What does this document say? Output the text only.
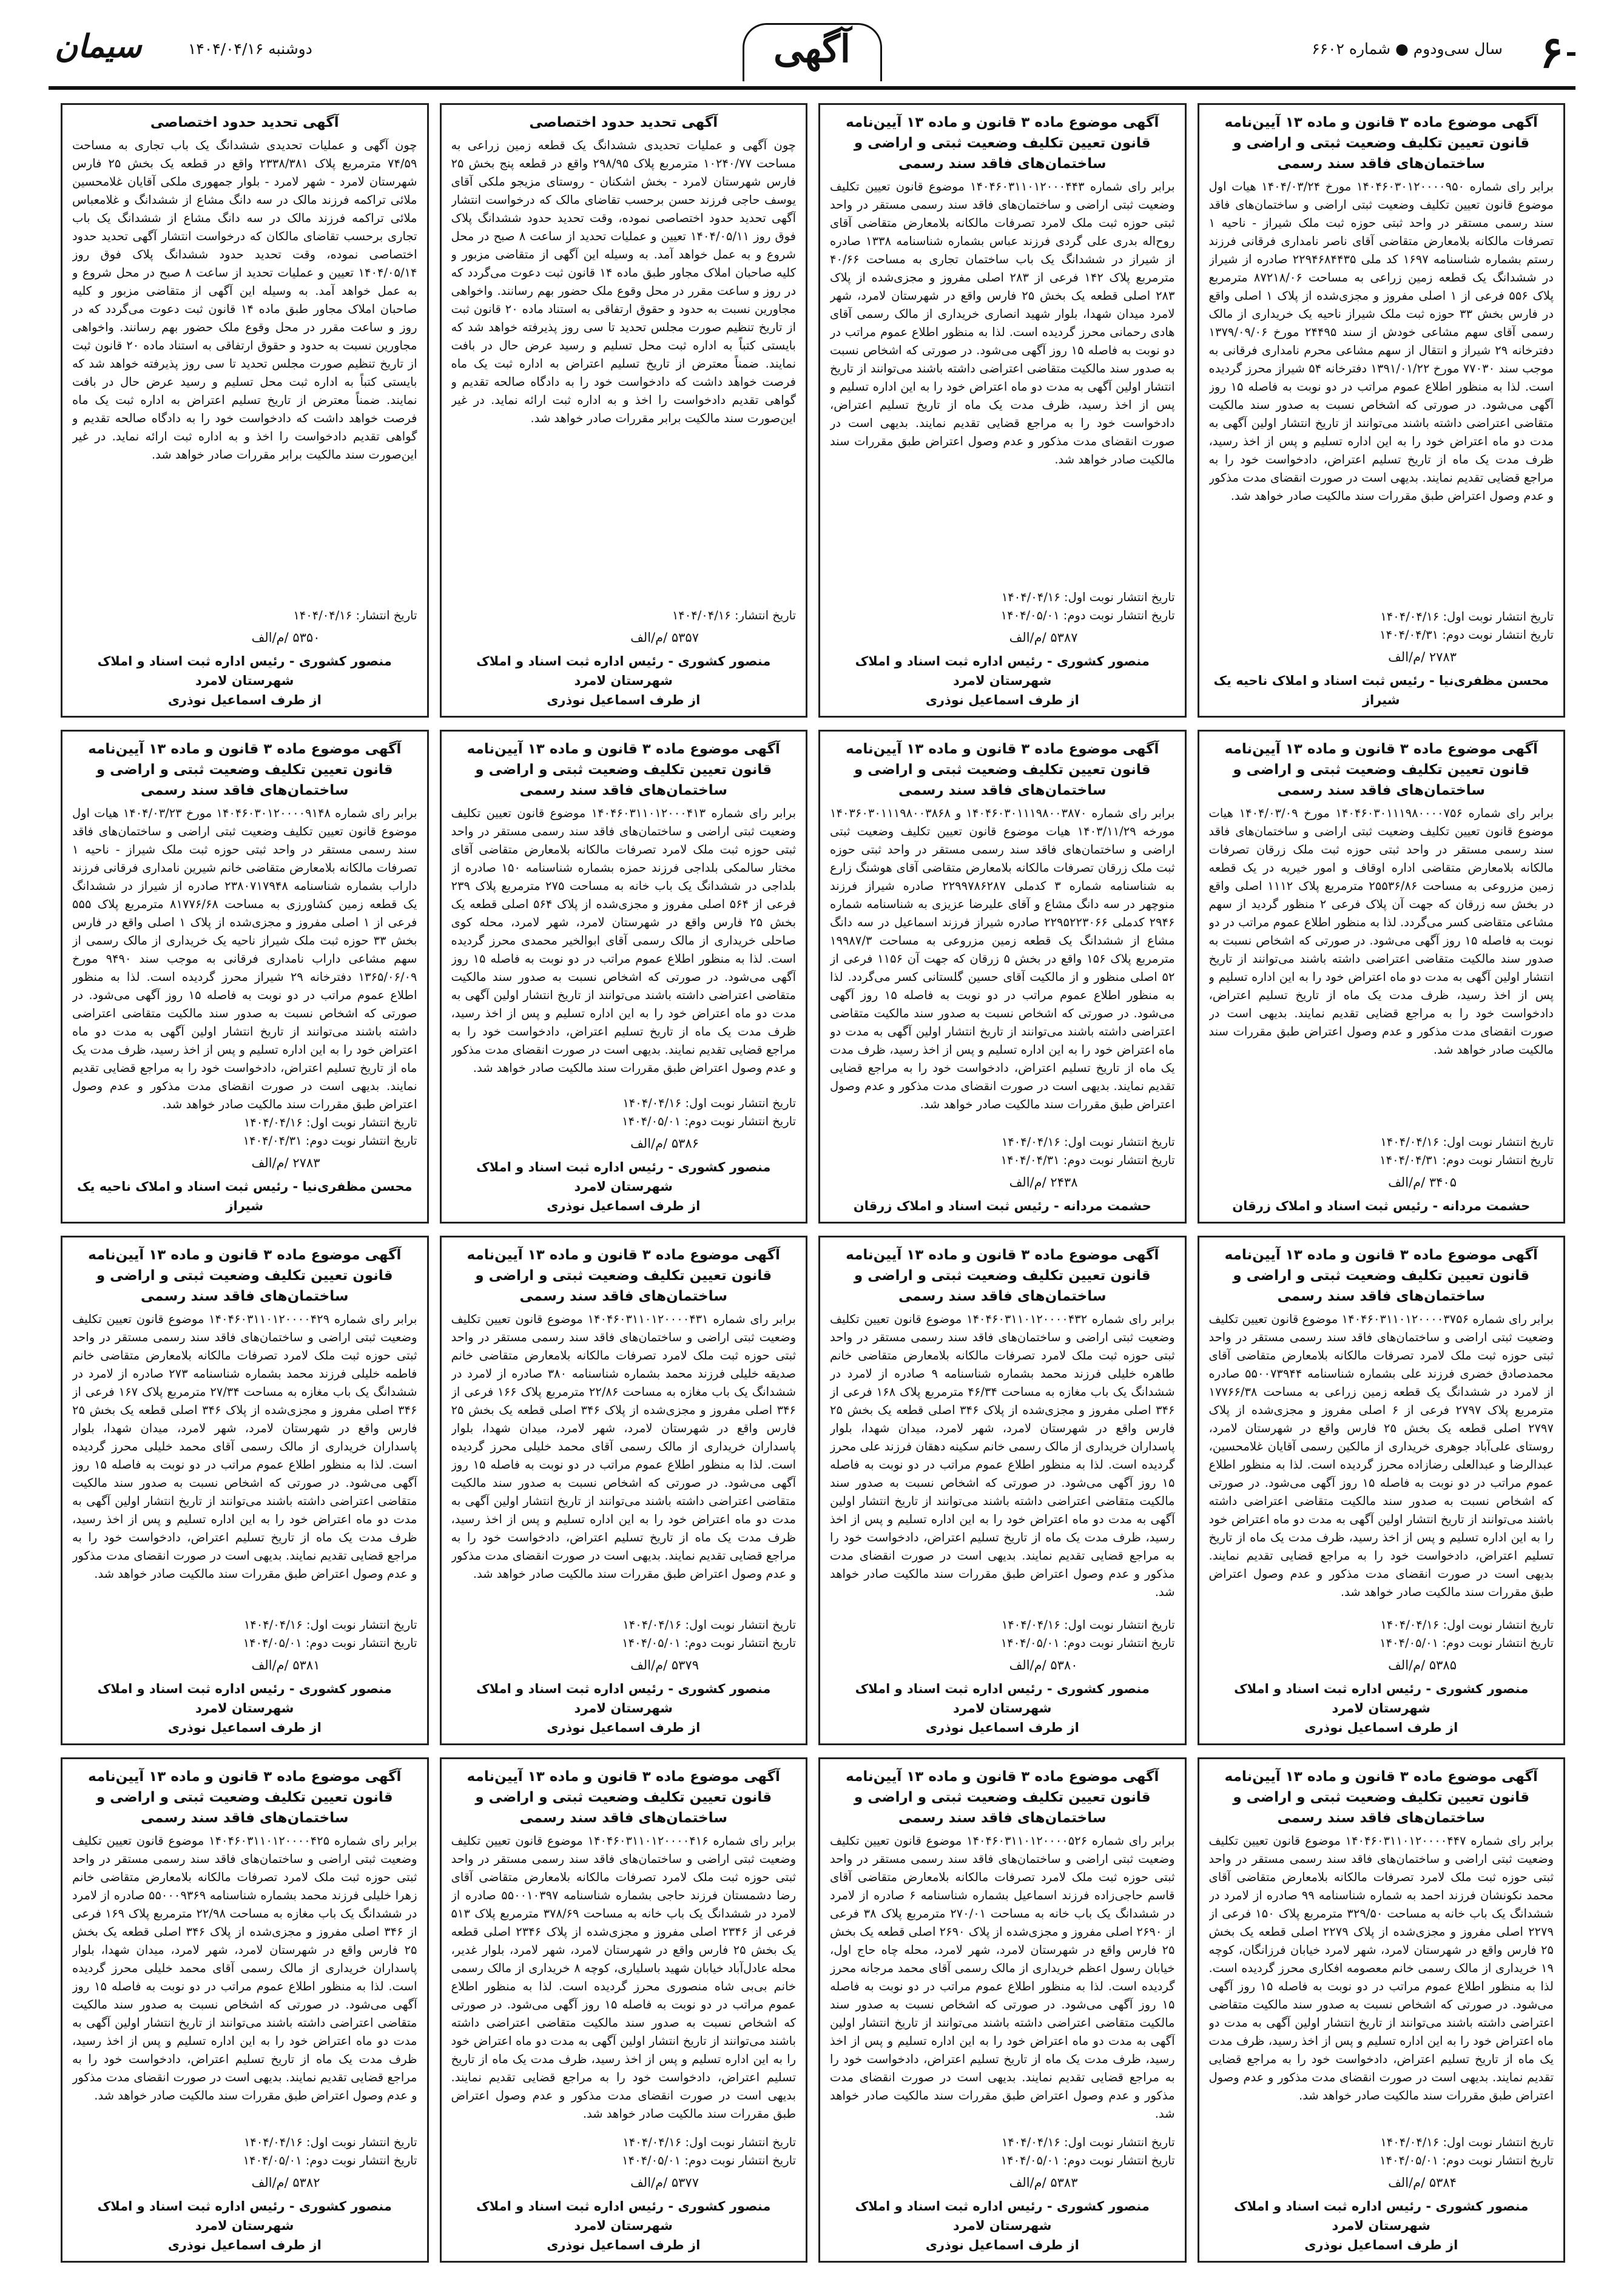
۶
سال سی‌ودوم ● شماره ۶۶۰۲
آگهی
دوشنبه ۱۴۰۴/۰۴/۱۶
سیمان
آگهی موضوع ماده ۳ قانون و ماده ۱۳ آیین‌نامه قانون تعیین تکلیف وضعیت ثبتی و اراضی و ساختمان‌های فاقد سند رسمی
برابر رای شماره ۱۴۰۴۶۰۳۰۱۲۰۰۰۰۹۵۰ مورخ ۱۴۰۴/۰۳/۲۴ هیات اول موضوع قانون تعیین تکلیف وضعیت ثبتی اراضی و ساختمان‌های فاقد سند رسمی مستقر در واحد ثبتی حوزه ثبت ملک شیراز - ناحیه ۱ تصرفات مالکانه بلامعارض متقاضی آقای ناصر نامداری فرقانی فرزند رستم بشماره شناسنامه ۱۶۹۷ کد ملی ۲۲۹۴۶۸۴۴۳۵ صادره از شیراز در ششدانگ یک قطعه زمین زراعی به مساحت ۸۷۲۱۸/۰۶ مترمربع پلاک ۵۵۶ فرعی از ۱ اصلی مفروز و مجزی‌شده از پلاک ۱ اصلی واقع در فارس بخش ۳۳ حوزه ثبت ملک شیراز ناحیه یک خریداری از مالک رسمی آقای سهم مشاعی خودش از سند ۲۴۴۹۵ مورخ ۱۳۷۹/۰۹/۰۶ دفترخانه ۲۹ شیراز و انتقال از سهم مشاعی محرم نامداری فرقانی به موجب سند ۷۷۰۳۰ مورخ ۱۳۹۱/۰۱/۲۲ دفترخانه ۵۴ شیراز محرز گردیده است. لذا به منظور اطلاع عموم مراتب در دو نوبت به فاصله ۱۵ روز آگهی می‌شود. در صورتی که اشخاص نسبت به صدور سند مالکیت متقاضی اعتراضی داشته باشند می‌توانند از تاریخ انتشار اولین آگهی به مدت دو ماه اعتراض خود را به این اداره تسلیم و پس از اخذ رسید، ظرف مدت یک ماه از تاریخ تسلیم اعتراض، دادخواست خود را به مراجع قضایی تقدیم نمایند. بدیهی است در صورت انقضای مدت مذکور و عدم وصول اعتراض طبق مقررات سند مالکیت صادر خواهد شد.
تاریخ انتشار نوبت اول: ۱۴۰۴/۰۴/۱۶
تاریخ انتشار نوبت دوم: ۱۴۰۴/۰۴/۳۱
۲۷۸۳ /م/الف
محسن مظفری‌نیا - رئیس ثبت اسناد و املاک ناحیه یک شیراز
آگهی موضوع ماده ۳ قانون و ماده ۱۳ آیین‌نامه قانون تعیین تکلیف وضعیت ثبتی و اراضی و ساختمان‌های فاقد سند رسمی
برابر رای شماره ۱۴۰۴۶۰۳۱۱۰۱۲۰۰۰۴۴۳ موضوع قانون تعیین تکلیف وضعیت ثبتی اراضی و ساختمان‌های فاقد سند رسمی مستقر در واحد ثبتی حوزه ثبت ملک لامرد تصرفات مالکانه بلامعارض متقاضی آقای روح‌اله بدری علی گردی فرزند عباس بشماره شناسنامه ۱۳۳۸ صادره از شیراز در ششدانگ یک باب ساختمان تجاری به مساحت ۴۰/۶۶ مترمربع پلاک ۱۴۲ فرعی از ۲۸۳ اصلی مفروز و مجزی‌شده از پلاک ۲۸۳ اصلی قطعه یک بخش ۲۵ فارس واقع در شهرستان لامرد، شهر لامرد میدان شهدا، بلوار شهید انصاری خریداری از مالک رسمی آقای هادی رحمانی محرز گردیده است. لذا به منظور اطلاع عموم مراتب در دو نوبت به فاصله ۱۵ روز آگهی می‌شود. در صورتی که اشخاص نسبت به صدور سند مالکیت متقاضی اعتراضی داشته باشند می‌توانند از تاریخ انتشار اولین آگهی به مدت دو ماه اعتراض خود را به این اداره تسلیم و پس از اخذ رسید، ظرف مدت یک ماه از تاریخ تسلیم اعتراض، دادخواست خود را به مراجع قضایی تقدیم نمایند. بدیهی است در صورت انقضای مدت مذکور و عدم وصول اعتراض طبق مقررات سند مالکیت صادر خواهد شد.
تاریخ انتشار نوبت اول: ۱۴۰۴/۰۴/۱۶
تاریخ انتشار نوبت دوم: ۱۴۰۴/۰۵/۰۱
۵۳۸۷ /م/الف
منصور کشوری - رئیس اداره ثبت اسناد و املاک شهرستان لامرد
از طرف اسماعیل نوذری
آگهی تحدید حدود اختصاصی
چون آگهی و عملیات تحدیدی ششدانگ یک قطعه زمین زراعی به مساحت ۱۰۲۴۰/۷۷ مترمربع پلاک ۲۹۸/۹۵ واقع در قطعه پنج بخش ۲۵ فارس شهرستان لامرد - بخش اشکنان - روستای مزیجو ملکی آقای یوسف حاجی فرزند حسن برحسب تقاضای مالک که درخواست انتشار آگهی تحدید حدود اختصاصی نموده، وقت تحدید حدود ششدانگ پلاک فوق روز ۱۴۰۴/۰۵/۱۱ تعیین و عملیات تحدید از ساعت ۸ صبح در محل شروع و به عمل خواهد آمد. به وسیله این آگهی از متقاضی مزبور و کلیه صاحبان املاک مجاور طبق ماده ۱۴ قانون ثبت دعوت می‌گردد که در روز و ساعت مقرر در محل وقوع ملک حضور بهم رسانند. واخواهی مجاورین نسبت به حدود و حقوق ارتفاقی به استناد ماده ۲۰ قانون ثبت از تاریخ تنظیم صورت مجلس تحدید تا سی روز پذیرفته خواهد شد که بایستی کتباً به اداره ثبت محل تسلیم و رسید عرض حال در بافت نمایند. ضمناً معترض از تاریخ تسلیم اعتراض به اداره ثبت یک ماه فرصت خواهد داشت که دادخواست خود را به دادگاه صالحه تقدیم و گواهی تقدیم دادخواست را اخذ و به اداره ثبت ارائه نماید. در غیر این‌صورت سند مالکیت برابر مقررات صادر خواهد شد.
تاریخ انتشار: ۱۴۰۴/۰۴/۱۶
۵۳۵۷ /م/الف
منصور کشوری - رئیس اداره ثبت اسناد و املاک شهرستان لامرد
از طرف اسماعیل نوذری
آگهی تحدید حدود اختصاصی
چون آگهی و عملیات تحدیدی ششدانگ یک باب تجاری به مساحت ۷۴/۵۹ مترمربع پلاک ۲۳۳۸/۳۸۱ واقع در قطعه یک بخش ۲۵ فارس شهرستان لامرد - شهر لامرد - بلوار جمهوری ملکی آقایان غلامحسین ملائی تراکمه فرزند مالک در سه دانگ مشاع از ششدانگ و غلامعباس ملائی تراکمه فرزند مالک در سه دانگ مشاع از ششدانگ یک باب تجاری برحسب تقاضای مالکان که درخواست انتشار آگهی تحدید حدود اختصاصی نموده، وقت تحدید حدود ششدانگ پلاک فوق روز ۱۴۰۴/۰۵/۱۴ تعیین و عملیات تحدید از ساعت ۸ صبح در محل شروع و به عمل خواهد آمد. به وسیله این آگهی از متقاضی مزبور و کلیه صاحبان املاک مجاور طبق ماده ۱۴ قانون ثبت دعوت می‌گردد که در روز و ساعت مقرر در محل وقوع ملک حضور بهم رسانند. واخواهی مجاورین نسبت به حدود و حقوق ارتفاقی به استناد ماده ۲۰ قانون ثبت از تاریخ تنظیم صورت مجلس تحدید تا سی روز پذیرفته خواهد شد که بایستی کتباً به اداره ثبت محل تسلیم و رسید عرض حال در بافت نمایند. ضمناً معترض از تاریخ تسلیم اعتراض به اداره ثبت یک ماه فرصت خواهد داشت که دادخواست خود را به دادگاه صالحه تقدیم و گواهی تقدیم دادخواست را اخذ و به اداره ثبت ارائه نماید. در غیر این‌صورت سند مالکیت برابر مقررات صادر خواهد شد.
تاریخ انتشار: ۱۴۰۴/۰۴/۱۶
۵۳۵۰ /م/الف
منصور کشوری - رئیس اداره ثبت اسناد و املاک شهرستان لامرد
از طرف اسماعیل نوذری
آگهی موضوع ماده ۳ قانون و ماده ۱۳ آیین‌نامه قانون تعیین تکلیف وضعیت ثبتی و اراضی و ساختمان‌های فاقد سند رسمی
برابر رای شماره ۱۴۰۴۶۰۳۰۱۱۱۹۸۰۰۰۰۷۵۶ مورخ ۱۴۰۴/۰۳/۰۹ هیات موضوع قانون تعیین تکلیف وضعیت ثبتی اراضی و ساختمان‌های فاقد سند رسمی مستقر در واحد ثبتی حوزه ثبت ملک زرقان تصرفات مالکانه بلامعارض متقاضی اداره اوقاف و امور خیریه در یک قطعه زمین مزروعی به مساحت ۲۵۵۳۶/۸۶ مترمربع پلاک ۱۱۱۲ اصلی واقع در بخش سه زرقان که جهت آن پلاک فرعی ۲ منظور گردید از سهم مشاعی متقاضی کسر می‌گردد. لذا به منظور اطلاع عموم مراتب در دو نوبت به فاصله ۱۵ روز آگهی می‌شود. در صورتی که اشخاص نسبت به صدور سند مالکیت متقاضی اعتراضی داشته باشند می‌توانند از تاریخ انتشار اولین آگهی به مدت دو ماه اعتراض خود را به این اداره تسلیم و پس از اخذ رسید، ظرف مدت یک ماه از تاریخ تسلیم اعتراض، دادخواست خود را به مراجع قضایی تقدیم نمایند. بدیهی است در صورت انقضای مدت مذکور و عدم وصول اعتراض طبق مقررات سند مالکیت صادر خواهد شد.
تاریخ انتشار نوبت اول: ۱۴۰۴/۰۴/۱۶
تاریخ انتشار نوبت دوم: ۱۴۰۴/۰۴/۳۱
۳۴۰۵ /م/الف
حشمت مردانه - رئیس ثبت اسناد و املاک زرقان
آگهی موضوع ماده ۳ قانون و ماده ۱۳ آیین‌نامه قانون تعیین تکلیف وضعیت ثبتی و اراضی و ساختمان‌های فاقد سند رسمی
برابر رای شماره ۱۴۰۴۶۰۳۰۱۱۱۹۸۰۰۳۸۷۰ و ۱۴۰۳۶۰۳۰۱۱۱۹۸۰۰۳۸۶۸ مورخه ۱۴۰۳/۱۱/۲۹ هیات موضوع قانون تعیین تکلیف وضعیت ثبتی اراضی و ساختمان‌های فاقد سند رسمی مستقر در واحد ثبتی حوزه ثبت ملک زرقان تصرفات مالکانه بلامعارض متقاضی آقای هوشنگ زارع به شناسنامه شماره ۳ کدملی ۲۲۹۹۷۸۶۲۸۷ صادره شیراز فرزند منوچهر در سه دانگ مشاع و آقای علیرضا عزیزی به شناسنامه شماره ۲۹۴۶ کدملی ۲۲۹۵۲۲۳۰۶۶ صادره شیراز فرزند اسماعیل در سه دانگ مشاع از ششدانگ یک قطعه زمین مزروعی به مساحت ۱۹۹۸۷/۳ مترمربع پلاک ۱۵۶ واقع در بخش ۵ زرقان که جهت آن ۱۱۵۶ فرعی از ۵۲ اصلی منظور و از مالکیت آقای حسین گلستانی کسر می‌گردد. لذا به منظور اطلاع عموم مراتب در دو نوبت به فاصله ۱۵ روز آگهی می‌شود. در صورتی که اشخاص نسبت به صدور سند مالکیت متقاضی اعتراضی داشته باشند می‌توانند از تاریخ انتشار اولین آگهی به مدت دو ماه اعتراض خود را به این اداره تسلیم و پس از اخذ رسید، ظرف مدت یک ماه از تاریخ تسلیم اعتراض، دادخواست خود را به مراجع قضایی تقدیم نمایند. بدیهی است در صورت انقضای مدت مذکور و عدم وصول اعتراض طبق مقررات سند مالکیت صادر خواهد شد.
تاریخ انتشار نوبت اول: ۱۴۰۴/۰۴/۱۶
تاریخ انتشار نوبت دوم: ۱۴۰۴/۰۴/۳۱
۲۴۳۸ /م/الف
حشمت مردانه - رئیس ثبت اسناد و املاک زرقان
آگهی موضوع ماده ۳ قانون و ماده ۱۳ آیین‌نامه قانون تعیین تکلیف وضعیت ثبتی و اراضی و ساختمان‌های فاقد سند رسمی
برابر رای شماره ۱۴۰۴۶۰۳۱۱۰۱۲۰۰۰۴۱۳ موضوع قانون تعیین تکلیف وضعیت ثبتی اراضی و ساختمان‌های فاقد سند رسمی مستقر در واحد ثبتی حوزه ثبت ملک لامرد تصرفات مالکانه بلامعارض متقاضی آقای مختار سالمکی بلداجی فرزند حمزه بشماره شناسنامه ۱۵۰ صادره از بلداجی در ششدانگ یک باب خانه به مساحت ۲۷۵ مترمربع پلاک ۲۳۹ فرعی از ۵۶۴ اصلی مفروز و مجزی‌شده از پلاک ۵۶۴ اصلی قطعه یک بخش ۲۵ فارس واقع در شهرستان لامرد، شهر لامرد، محله کوی صاحلی خریداری از مالک رسمی آقای ابوالخیر محمدی محرز گردیده است. لذا به منظور اطلاع عموم مراتب در دو نوبت به فاصله ۱۵ روز آگهی می‌شود. در صورتی که اشخاص نسبت به صدور سند مالکیت متقاضی اعتراضی داشته باشند می‌توانند از تاریخ انتشار اولین آگهی به مدت دو ماه اعتراض خود را به این اداره تسلیم و پس از اخذ رسید، ظرف مدت یک ماه از تاریخ تسلیم اعتراض، دادخواست خود را به مراجع قضایی تقدیم نمایند. بدیهی است در صورت انقضای مدت مذکور و عدم وصول اعتراض طبق مقررات سند مالکیت صادر خواهد شد.
تاریخ انتشار نوبت اول: ۱۴۰۴/۰۴/۱۶
تاریخ انتشار نوبت دوم: ۱۴۰۴/۰۵/۰۱
۵۳۸۶ /م/الف
منصور کشوری - رئیس اداره ثبت اسناد و املاک شهرستان لامرد
از طرف اسماعیل نوذری
آگهی موضوع ماده ۳ قانون و ماده ۱۳ آیین‌نامه قانون تعیین تکلیف وضعیت ثبتی و اراضی و ساختمان‌های فاقد سند رسمی
برابر رای شماره ۱۴۰۴۶۰۳۰۱۲۰۰۰۰۹۱۴۸ مورخ ۱۴۰۴/۰۳/۲۳ هیات اول موضوع قانون تعیین تکلیف وضعیت ثبتی اراضی و ساختمان‌های فاقد سند رسمی مستقر در واحد ثبتی حوزه ثبت ملک شیراز - ناحیه ۱ تصرفات مالکانه بلامعارض متقاضی خانم شیرین نامداری فرقانی فرزند داراب بشماره شناسنامه ۲۳۸۰۷۱۷۹۴۸ صادره از شیراز در ششدانگ یک قطعه زمین کشاورزی به مساحت ۸۱۷۷۶/۶۸ مترمربع پلاک ۵۵۵ فرعی از ۱ اصلی مفروز و مجزی‌شده از پلاک ۱ اصلی واقع در فارس بخش ۳۳ حوزه ثبت ملک شیراز ناحیه یک خریداری از مالک رسمی از سهم مشاعی داراب نامداری فرقانی به موجب سند ۹۴۹۰ مورخ ۱۳۶۵/۰۶/۰۹ دفترخانه ۲۹ شیراز محرز گردیده است. لذا به منظور اطلاع عموم مراتب در دو نوبت به فاصله ۱۵ روز آگهی می‌شود. در صورتی که اشخاص نسبت به صدور سند مالکیت متقاضی اعتراضی داشته باشند می‌توانند از تاریخ انتشار اولین آگهی به مدت دو ماه اعتراض خود را به این اداره تسلیم و پس از اخذ رسید، ظرف مدت یک ماه از تاریخ تسلیم اعتراض، دادخواست خود را به مراجع قضایی تقدیم نمایند. بدیهی است در صورت انقضای مدت مذکور و عدم وصول اعتراض طبق مقررات سند مالکیت صادر خواهد شد.
تاریخ انتشار نوبت اول: ۱۴۰۴/۰۴/۱۶
تاریخ انتشار نوبت دوم: ۱۴۰۴/۰۴/۳۱
۲۷۸۳ /م/الف
محسن مظفری‌نیا - رئیس ثبت اسناد و املاک ناحیه یک شیراز
آگهی موضوع ماده ۳ قانون و ماده ۱۳ آیین‌نامه قانون تعیین تکلیف وضعیت ثبتی و اراضی و ساختمان‌های فاقد سند رسمی
برابر رای شماره ۱۴۰۴۶۰۳۱۱۰۱۲۰۰۰۰۳۷۵۶ موضوع قانون تعیین تکلیف وضعیت ثبتی اراضی و ساختمان‌های فاقد سند رسمی مستقر در واحد ثبتی حوزه ثبت ملک لامرد تصرفات مالکانه بلامعارض متقاضی آقای محمدصادق خضری فرزند علی بشماره شناسنامه ۵۵۰۰۷۳۹۴۴ صادره از لامرد در ششدانگ یک قطعه زمین زراعی به مساحت ۱۷۷۶۶/۳۸ مترمربع پلاک ۲۷۹۷ فرعی از ۶ اصلی مفروز و مجزی‌شده از پلاک ۲۷۹۷ اصلی قطعه یک بخش ۲۵ فارس واقع در شهرستان لامرد، روستای علی‌آباد جوهری خریداری از مالکین رسمی آقایان غلامحسین، عبدالرضا و عبدالعلی رضازاده محرز گردیده است. لذا به منظور اطلاع عموم مراتب در دو نوبت به فاصله ۱۵ روز آگهی می‌شود. در صورتی که اشخاص نسبت به صدور سند مالکیت متقاضی اعتراضی داشته باشند می‌توانند از تاریخ انتشار اولین آگهی به مدت دو ماه اعتراض خود را به این اداره تسلیم و پس از اخذ رسید، ظرف مدت یک ماه از تاریخ تسلیم اعتراض، دادخواست خود را به مراجع قضایی تقدیم نمایند. بدیهی است در صورت انقضای مدت مذکور و عدم وصول اعتراض طبق مقررات سند مالکیت صادر خواهد شد.
تاریخ انتشار نوبت اول: ۱۴۰۴/۰۴/۱۶
تاریخ انتشار نوبت دوم: ۱۴۰۴/۰۵/۰۱
۵۳۸۵ /م/الف
منصور کشوری - رئیس اداره ثبت اسناد و املاک شهرستان لامرد
از طرف اسماعیل نوذری
آگهی موضوع ماده ۳ قانون و ماده ۱۳ آیین‌نامه قانون تعیین تکلیف وضعیت ثبتی و اراضی و ساختمان‌های فاقد سند رسمی
برابر رای شماره ۱۴۰۴۶۰۳۱۱۰۱۲۰۰۰۰۴۳۲ موضوع قانون تعیین تکلیف وضعیت ثبتی اراضی و ساختمان‌های فاقد سند رسمی مستقر در واحد ثبتی حوزه ثبت ملک لامرد تصرفات مالکانه بلامعارض متقاضی خانم طاهره خلیلی فرزند محمد بشماره شناسنامه ۹ صادره از لامرد در ششدانگ یک باب مغازه به مساحت ۴۶/۳۴ مترمربع پلاک ۱۶۸ فرعی از ۳۴۶ اصلی مفروز و مجزی‌شده از پلاک ۳۴۶ اصلی قطعه یک بخش ۲۵ فارس واقع در شهرستان لامرد، شهر لامرد، میدان شهدا، بلوار پاسداران خریداری از مالک رسمی خانم سکینه دهقان فرزند علی محرز گردیده است. لذا به منظور اطلاع عموم مراتب در دو نوبت به فاصله ۱۵ روز آگهی می‌شود. در صورتی که اشخاص نسبت به صدور سند مالکیت متقاضی اعتراضی داشته باشند می‌توانند از تاریخ انتشار اولین آگهی به مدت دو ماه اعتراض خود را به این اداره تسلیم و پس از اخذ رسید، ظرف مدت یک ماه از تاریخ تسلیم اعتراض، دادخواست خود را به مراجع قضایی تقدیم نمایند. بدیهی است در صورت انقضای مدت مذکور و عدم وصول اعتراض طبق مقررات سند مالکیت صادر خواهد شد.
تاریخ انتشار نوبت اول: ۱۴۰۴/۰۴/۱۶
تاریخ انتشار نوبت دوم: ۱۴۰۴/۰۵/۰۱
۵۳۸۰ /م/الف
منصور کشوری - رئیس اداره ثبت اسناد و املاک شهرستان لامرد
از طرف اسماعیل نوذری
آگهی موضوع ماده ۳ قانون و ماده ۱۳ آیین‌نامه قانون تعیین تکلیف وضعیت ثبتی و اراضی و ساختمان‌های فاقد سند رسمی
برابر رای شماره ۱۴۰۴۶۰۳۱۱۰۱۲۰۰۰۰۴۳۱ موضوع قانون تعیین تکلیف وضعیت ثبتی اراضی و ساختمان‌های فاقد سند رسمی مستقر در واحد ثبتی حوزه ثبت ملک لامرد تصرفات مالکانه بلامعارض متقاضی خانم صدیقه خلیلی فرزند محمد بشماره شناسنامه ۳۸۰ صادره از لامرد در ششدانگ یک باب مغازه به مساحت ۲۲/۸۶ مترمربع پلاک ۱۶۶ فرعی از ۳۴۶ اصلی مفروز و مجزی‌شده از پلاک ۳۴۶ اصلی قطعه یک بخش ۲۵ فارس واقع در شهرستان لامرد، شهر لامرد، میدان شهدا، بلوار پاسداران خریداری از مالک رسمی آقای محمد خلیلی محرز گردیده است. لذا به منظور اطلاع عموم مراتب در دو نوبت به فاصله ۱۵ روز آگهی می‌شود. در صورتی که اشخاص نسبت به صدور سند مالکیت متقاضی اعتراضی داشته باشند می‌توانند از تاریخ انتشار اولین آگهی به مدت دو ماه اعتراض خود را به این اداره تسلیم و پس از اخذ رسید، ظرف مدت یک ماه از تاریخ تسلیم اعتراض، دادخواست خود را به مراجع قضایی تقدیم نمایند. بدیهی است در صورت انقضای مدت مذکور و عدم وصول اعتراض طبق مقررات سند مالکیت صادر خواهد شد.
تاریخ انتشار نوبت اول: ۱۴۰۴/۰۴/۱۶
تاریخ انتشار نوبت دوم: ۱۴۰۴/۰۵/۰۱
۵۳۷۹ /م/الف
منصور کشوری - رئیس اداره ثبت اسناد و املاک شهرستان لامرد
از طرف اسماعیل نوذری
آگهی موضوع ماده ۳ قانون و ماده ۱۳ آیین‌نامه قانون تعیین تکلیف وضعیت ثبتی و اراضی و ساختمان‌های فاقد سند رسمی
برابر رای شماره ۱۴۰۴۶۰۳۱۱۰۱۲۰۰۰۰۴۲۹ موضوع قانون تعیین تکلیف وضعیت ثبتی اراضی و ساختمان‌های فاقد سند رسمی مستقر در واحد ثبتی حوزه ثبت ملک لامرد تصرفات مالکانه بلامعارض متقاضی خانم فاطمه خلیلی فرزند محمد بشماره شناسنامه ۲۷۳ صادره از لامرد در ششدانگ یک باب مغازه به مساحت ۲۷/۳۴ مترمربع پلاک ۱۶۷ فرعی از ۳۴۶ اصلی مفروز و مجزی‌شده از پلاک ۳۴۶ اصلی قطعه یک بخش ۲۵ فارس واقع در شهرستان لامرد، شهر لامرد، میدان شهدا، بلوار پاسداران خریداری از مالک رسمی آقای محمد خلیلی محرز گردیده است. لذا به منظور اطلاع عموم مراتب در دو نوبت به فاصله ۱۵ روز آگهی می‌شود. در صورتی که اشخاص نسبت به صدور سند مالکیت متقاضی اعتراضی داشته باشند می‌توانند از تاریخ انتشار اولین آگهی به مدت دو ماه اعتراض خود را به این اداره تسلیم و پس از اخذ رسید، ظرف مدت یک ماه از تاریخ تسلیم اعتراض، دادخواست خود را به مراجع قضایی تقدیم نمایند. بدیهی است در صورت انقضای مدت مذکور و عدم وصول اعتراض طبق مقررات سند مالکیت صادر خواهد شد.
تاریخ انتشار نوبت اول: ۱۴۰۴/۰۴/۱۶
تاریخ انتشار نوبت دوم: ۱۴۰۴/۰۵/۰۱
۵۳۸۱ /م/الف
منصور کشوری - رئیس اداره ثبت اسناد و املاک شهرستان لامرد
از طرف اسماعیل نوذری
آگهی موضوع ماده ۳ قانون و ماده ۱۳ آیین‌نامه قانون تعیین تکلیف وضعیت ثبتی و اراضی و ساختمان‌های فاقد سند رسمی
برابر رای شماره ۱۴۰۴۶۰۳۱۱۰۱۲۰۰۰۰۴۴۷ موضوع قانون تعیین تکلیف وضعیت ثبتی اراضی و ساختمان‌های فاقد سند رسمی مستقر در واحد ثبتی حوزه ثبت ملک لامرد تصرفات مالکانه بلامعارض متقاضی آقای محمد نکونشان فرزند احمد به شماره شناسنامه ۹۹ صادره از لامرد در ششدانگ یک باب خانه به مساحت ۳۲۹/۵۰ مترمربع پلاک ۱۵۰ فرعی از ۲۲۷۹ اصلی مفروز و مجزی‌شده از پلاک ۲۲۷۹ اصلی قطعه یک بخش ۲۵ فارس واقع در شهرستان لامرد، شهر لامرد خیابان فرزانگان، کوچه ۱۹ خریداری از مالک رسمی خانم معصومه افکاری محرز گردیده است. لذا به منظور اطلاع عموم مراتب در دو نوبت به فاصله ۱۵ روز آگهی می‌شود. در صورتی که اشخاص نسبت به صدور سند مالکیت متقاضی اعتراضی داشته باشند می‌توانند از تاریخ انتشار اولین آگهی به مدت دو ماه اعتراض خود را به این اداره تسلیم و پس از اخذ رسید، ظرف مدت یک ماه از تاریخ تسلیم اعتراض، دادخواست خود را به مراجع قضایی تقدیم نمایند. بدیهی است در صورت انقضای مدت مذکور و عدم وصول اعتراض طبق مقررات سند مالکیت صادر خواهد شد.
تاریخ انتشار نوبت اول: ۱۴۰۴/۰۴/۱۶
تاریخ انتشار نوبت دوم: ۱۴۰۴/۰۵/۰۱
۵۳۸۴ /م/الف
منصور کشوری - رئیس اداره ثبت اسناد و املاک شهرستان لامرد
از طرف اسماعیل نوذری
آگهی موضوع ماده ۳ قانون و ماده ۱۳ آیین‌نامه قانون تعیین تکلیف وضعیت ثبتی و اراضی و ساختمان‌های فاقد سند رسمی
برابر رای شماره ۱۴۰۴۶۰۳۱۱۰۱۲۰۰۰۰۵۲۶ موضوع قانون تعیین تکلیف وضعیت ثبتی اراضی و ساختمان‌های فاقد سند رسمی مستقر در واحد ثبتی حوزه ثبت ملک لامرد تصرفات مالکانه بلامعارض متقاضی آقای قاسم حاجی‌زاده فرزند اسماعیل بشماره شناسنامه ۶ صادره از لامرد در ششدانگ یک باب خانه به مساحت ۲۷۰/۰۱ مترمربع پلاک ۳۸ فرعی از ۲۶۹۰ اصلی مفروز و مجزی‌شده از پلاک ۲۶۹۰ اصلی قطعه یک بخش ۲۵ فارس واقع در شهرستان لامرد، شهر لامرد، محله چاه حاج اول، خیابان رسول اعظم خریداری از مالک رسمی آقای محمد مرجانه محرز گردیده است. لذا به منظور اطلاع عموم مراتب در دو نوبت به فاصله ۱۵ روز آگهی می‌شود. در صورتی که اشخاص نسبت به صدور سند مالکیت متقاضی اعتراضی داشته باشند می‌توانند از تاریخ انتشار اولین آگهی به مدت دو ماه اعتراض خود را به این اداره تسلیم و پس از اخذ رسید، ظرف مدت یک ماه از تاریخ تسلیم اعتراض، دادخواست خود را به مراجع قضایی تقدیم نمایند. بدیهی است در صورت انقضای مدت مذکور و عدم وصول اعتراض طبق مقررات سند مالکیت صادر خواهد شد.
تاریخ انتشار نوبت اول: ۱۴۰۴/۰۴/۱۶
تاریخ انتشار نوبت دوم: ۱۴۰۴/۰۵/۰۱
۵۳۸۳ /م/الف
منصور کشوری - رئیس اداره ثبت اسناد و املاک شهرستان لامرد
از طرف اسماعیل نوذری
آگهی موضوع ماده ۳ قانون و ماده ۱۳ آیین‌نامه قانون تعیین تکلیف وضعیت ثبتی و اراضی و ساختمان‌های فاقد سند رسمی
برابر رای شماره ۱۴۰۴۶۰۳۱۱۰۱۲۰۰۰۰۴۱۶ موضوع قانون تعیین تکلیف وضعیت ثبتی اراضی و ساختمان‌های فاقد سند رسمی مستقر در واحد ثبتی حوزه ثبت ملک لامرد تصرفات مالکانه بلامعارض متقاضی آقای رضا دشمستان فرزند حاجی بشماره شناسنامه ۵۵۰۰۱۰۳۹۷ صادره از لامرد در ششدانگ یک باب خانه به مساحت ۳۷۸/۶۹ مترمربع پلاک ۵۱۳ فرعی از ۲۳۴۶ اصلی مفروز و مجزی‌شده از پلاک ۲۳۴۶ اصلی قطعه یک بخش ۲۵ فارس واقع در شهرستان لامرد، شهر لامرد، بلوار غدیر، محله عادل‌آباد خیابان شهید باسلیاری، کوچه ۸ خریداری از مالک رسمی خانم بی‌بی شاه منصوری محرز گردیده است. لذا به منظور اطلاع عموم مراتب در دو نوبت به فاصله ۱۵ روز آگهی می‌شود. در صورتی که اشخاص نسبت به صدور سند مالکیت متقاضی اعتراضی داشته باشند می‌توانند از تاریخ انتشار اولین آگهی به مدت دو ماه اعتراض خود را به این اداره تسلیم و پس از اخذ رسید، ظرف مدت یک ماه از تاریخ تسلیم اعتراض، دادخواست خود را به مراجع قضایی تقدیم نمایند. بدیهی است در صورت انقضای مدت مذکور و عدم وصول اعتراض طبق مقررات سند مالکیت صادر خواهد شد.
تاریخ انتشار نوبت اول: ۱۴۰۴/۰۴/۱۶
تاریخ انتشار نوبت دوم: ۱۴۰۴/۰۵/۰۱
۵۳۷۷ /م/الف
منصور کشوری - رئیس اداره ثبت اسناد و املاک شهرستان لامرد
از طرف اسماعیل نوذری
آگهی موضوع ماده ۳ قانون و ماده ۱۳ آیین‌نامه قانون تعیین تکلیف وضعیت ثبتی و اراضی و ساختمان‌های فاقد سند رسمی
برابر رای شماره ۱۴۰۴۶۰۳۱۱۰۱۲۰۰۰۰۴۲۵ موضوع قانون تعیین تکلیف وضعیت ثبتی اراضی و ساختمان‌های فاقد سند رسمی مستقر در واحد ثبتی حوزه ثبت ملک لامرد تصرفات مالکانه بلامعارض متقاضی خانم زهرا خلیلی فرزند محمد بشماره شناسنامه ۵۵۰۰۰۹۳۶۹ صادره از لامرد در ششدانگ یک باب مغازه به مساحت ۲۲/۹۸ مترمربع پلاک ۱۶۹ فرعی از ۳۴۶ اصلی مفروز و مجزی‌شده از پلاک ۳۴۶ اصلی قطعه یک بخش ۲۵ فارس واقع در شهرستان لامرد، شهر لامرد، میدان شهدا، بلوار پاسداران خریداری از مالک رسمی آقای محمد خلیلی محرز گردیده است. لذا به منظور اطلاع عموم مراتب در دو نوبت به فاصله ۱۵ روز آگهی می‌شود. در صورتی که اشخاص نسبت به صدور سند مالکیت متقاضی اعتراضی داشته باشند می‌توانند از تاریخ انتشار اولین آگهی به مدت دو ماه اعتراض خود را به این اداره تسلیم و پس از اخذ رسید، ظرف مدت یک ماه از تاریخ تسلیم اعتراض، دادخواست خود را به مراجع قضایی تقدیم نمایند. بدیهی است در صورت انقضای مدت مذکور و عدم وصول اعتراض طبق مقررات سند مالکیت صادر خواهد شد.
تاریخ انتشار نوبت اول: ۱۴۰۴/۰۴/۱۶
تاریخ انتشار نوبت دوم: ۱۴۰۴/۰۵/۰۱
۵۳۸۲ /م/الف
منصور کشوری - رئیس اداره ثبت اسناد و املاک شهرستان لامرد
از طرف اسماعیل نوذری
